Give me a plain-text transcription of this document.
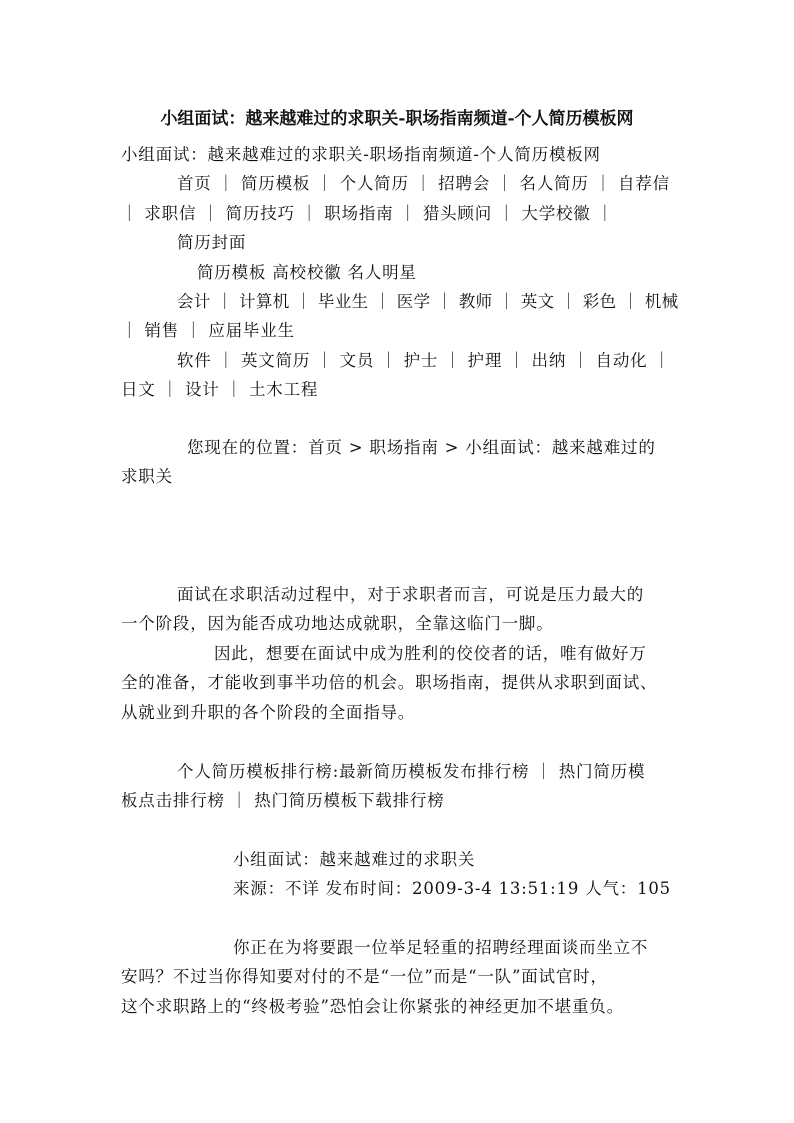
小组面试：越来越难过的求职关-职场指南频道-个人简历模板网
小组面试：越来越难过的求职关-职场指南频道-个人简历模板网
首页 ｜ 简历模板 ｜ 个人简历 ｜ 招聘会 ｜ 名人简历 ｜ 自荐信
｜ 求职信 ｜ 简历技巧 ｜ 职场指南 ｜ 猎头顾问 ｜ 大学校徽 ｜
简历封面
简历模板 高校校徽 名人明星
会计 ｜ 计算机 ｜ 毕业生 ｜ 医学 ｜ 教师 ｜ 英文 ｜ 彩色 ｜ 机械
｜ 销售 ｜ 应届毕业生
软件 ｜ 英文简历 ｜ 文员 ｜ 护士 ｜ 护理 ｜ 出纳 ｜ 自动化 ｜
日文 ｜ 设计 ｜ 土木工程
您现在的位置：首页 > 职场指南 > 小组面试：越来越难过的
求职关
面试在求职活动过程中，对于求职者而言，可说是压力最大的
一个阶段，因为能否成功地达成就职，全靠这临门一脚。
因此，想要在面试中成为胜利的佼佼者的话，唯有做好万
全的准备，才能收到事半功倍的机会。职场指南，提供从求职到面试、
从就业到升职的各个阶段的全面指导。
个人简历模板排行榜:最新简历模板发布排行榜 ｜ 热门简历模
板点击排行榜 ｜ 热门简历模板下载排行榜
小组面试：越来越难过的求职关
来源：不详 发布时间：2009-3-4 13:51:19 人气：105
你正在为将要跟一位举足轻重的招聘经理面谈而坐立不
安吗？不过当你得知要对付的不是“一位”而是“一队”面试官时，
这个求职路上的“终极考验”恐怕会让你紧张的神经更加不堪重负。
